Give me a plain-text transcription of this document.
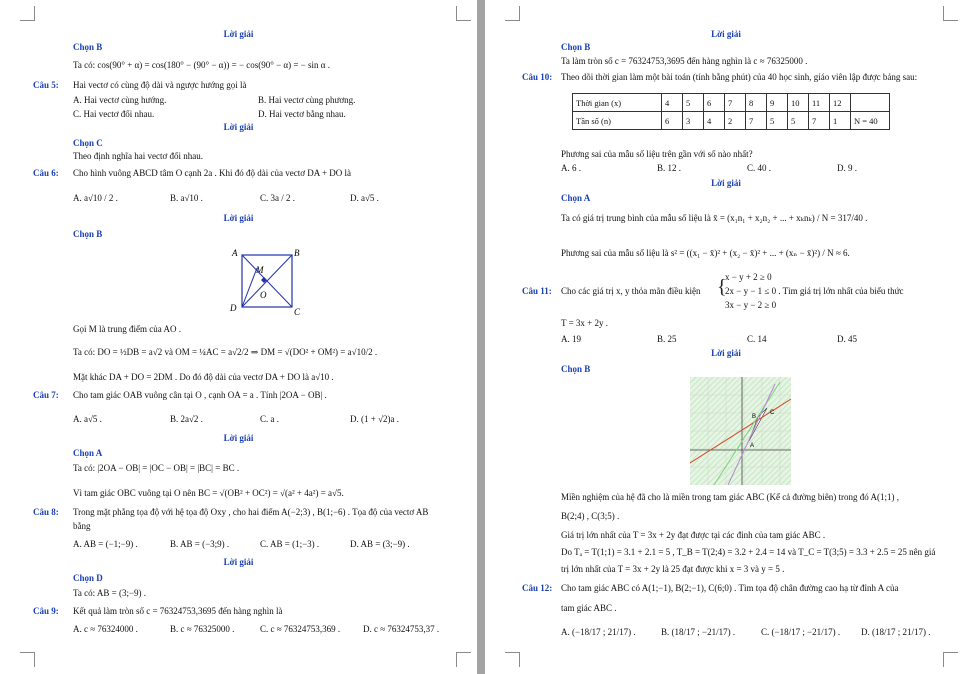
Lời giải
Chọn B
Ta có: cos(90° + α) = cos(180° − (90° − α)) = − cos(90° − α) = − sin α .
Câu 5: Hai vectơ có cùng độ dài và ngược hướng gọi là
A. Hai vectơ cùng hướng.	B. Hai vectơ cùng phương.
C. Hai vectơ đối nhau.	D. Hai vectơ bằng nhau.
Lời giải
Chọn C
Theo định nghĩa hai vectơ đối nhau.
Câu 6: Cho hình vuông ABCD tâm O cạnh 2a . Khi đó độ dài của vectơ DA + DO là
A. a√10 / 2 .	B. a√10 .	C. 3a / 2 .	D. a√5 .
Lời giải
Chọn B
A	B
C
D
M
O
Gọi M là trung điểm của AO .
Ta có: DO = ½DB = a√2 và OM = ¼AC = a√2/2 ⇒ DM = √(DO² + OM²) = a√10/2 .
Mặt khác DA + DO = 2DM . Do đó độ dài của vectơ DA + DO là a√10 .
Câu 7: Cho tam giác OAB vuông cân tại O , cạnh OA = a . Tính |2OA − OB| .
A. a√5 .	B. 2a√2 .	C. a .	D. (1 + √2)a .
Lời giải
Chọn A
Ta có: |2OA − OB| = |OC − OB| = |BC| = BC .
Vì tam giác OBC vuông tại O nên BC = √(OB² + OC²) = √(a² + 4a²) = a√5.
Câu 8: Trong mặt phẳng tọa độ với hệ tọa độ Oxy , cho hai điểm A(−2;3) , B(1;−6) . Tọa độ của vectơ AB
bằng
A. AB = (−1;−9) .	B. AB = (−3;9) .	C. AB = (1;−3) .	D. AB = (3;−9) .
Lời giải
Chọn D
Ta có: AB = (3;−9) .
Câu 9: Kết quả làm tròn số c = 76324753,3695 đến hàng nghìn là
A. c ≈ 76324000 .	B. c ≈ 76325000 .	C. c ≈ 76324753,369 .	D. c ≈ 76324753,37 .
Lời giải
Chọn B
Ta làm tròn số c = 76324753,3695 đến hàng nghìn là c ≈ 76325000 .
Câu 10: Theo dõi thời gian làm một bài toán (tính bằng phút) của 40 học sinh, giáo viên lập được bảng sau:
Thời gian (x)	4	5	6	7	8	9	10	11	12	
Tần số (n)	6	3	4	2	7	5	5	7	1	N = 40
Phương sai của mẫu số liệu trên gần với số nào nhất?
A. 6 .	B. 12 .	C. 40 .	D. 9 .
Lời giải
Chọn A
Ta có giá trị trung bình của mẫu số liệu là x̄ = (x₁n₁ + x₂n₂ + ... + xₖnₖ) / N = 317/40 .
Phương sai của mẫu số liệu là s² = ((x₁ − x̄)² + (x₂ − x̄)² + ... + (xₙ − x̄)²) / N ≈ 6.
Câu 11: Cho các giá trị x, y thỏa mãn điều kiện {
x − y + 2 ≥ 0
2x − y − 1 ≤ 0 . Tìm giá trị lớn nhất của biểu thức
3x − y − 2 ≥ 0
T = 3x + 2y .
A. 19	B. 25	C. 14	D. 45
Lời giải
Chọn B
A
B
C
Miền nghiệm của hệ đã cho là miền trong tam giác ABC (Kể cả đường biên) trong đó A(1;1) ,
B(2;4) , C(3;5) .
Giá trị lớn nhất của T = 3x + 2y đạt được tại các đỉnh của tam giác ABC .
Do Tₐ = T(1;1) = 3.1 + 2.1 = 5 , T_B = T(2;4) = 3.2 + 2.4 = 14 và T_C = T(3;5) = 3.3 + 2.5 = 25 nên giá
trị lớn nhất của T = 3x + 2y là 25 đạt được khi x = 3 và y = 5 .
Câu 12: Cho tam giác ABC có A(1;−1), B(2;−1), C(6;0) . Tìm tọa độ chân đường cao hạ từ đỉnh A của
tam giác ABC .
A. (−18/17 ; 21/17) .	B. (18/17 ; −21/17) .	C. (−18/17 ; −21/17) . D. (18/17 ; 21/17) .
